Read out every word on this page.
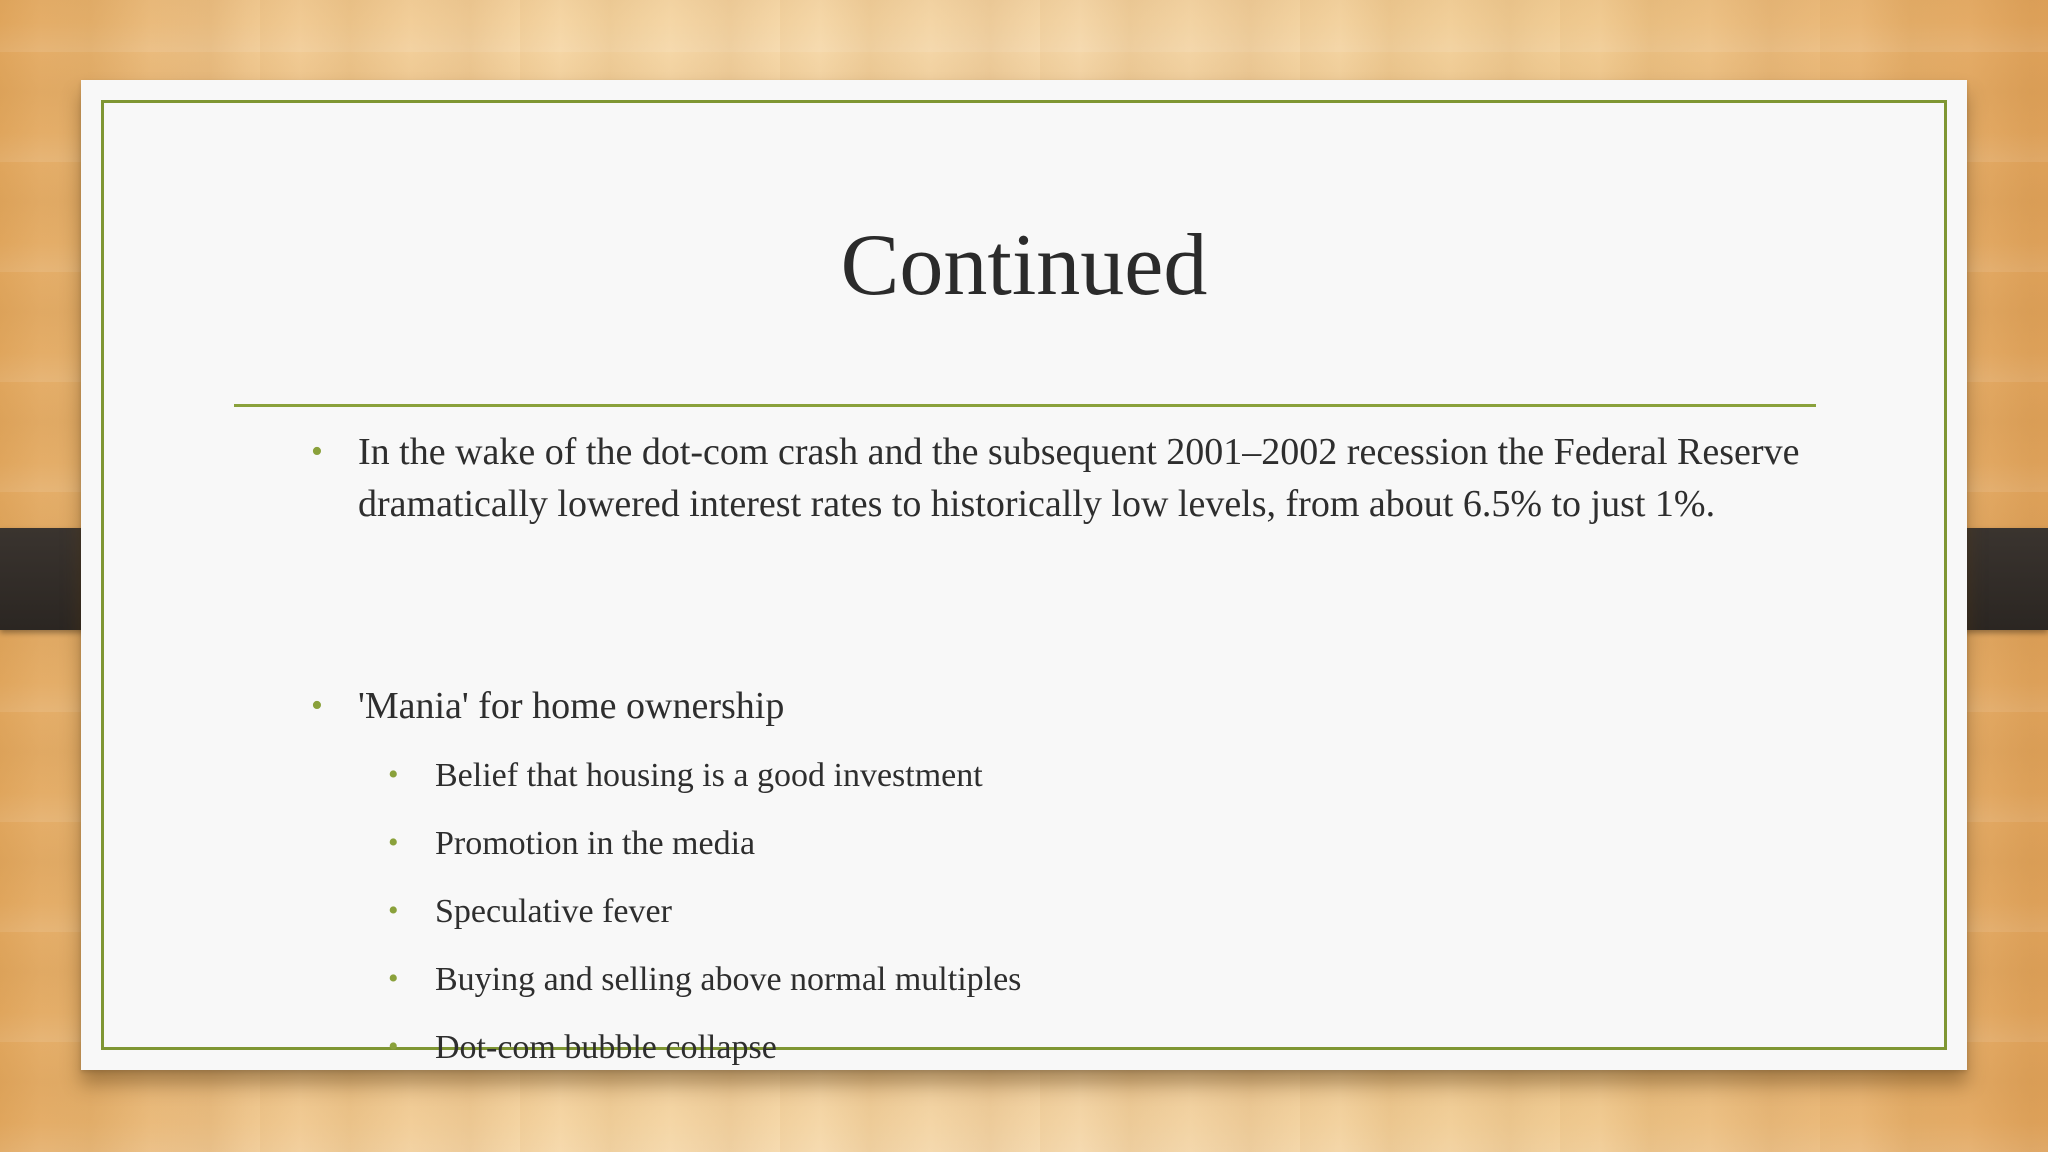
Continued
• In the wake of the dot-com crash and the subsequent 2001–2002 recession the Federal Reserve dramatically lowered interest rates to historically low levels, from about 6.5% to just 1%.
• 'Mania' for home ownership
• Belief that housing is a good investment
• Promotion in the media
• Speculative fever
• Buying and selling above normal multiples
• Dot-com bubble collapse
